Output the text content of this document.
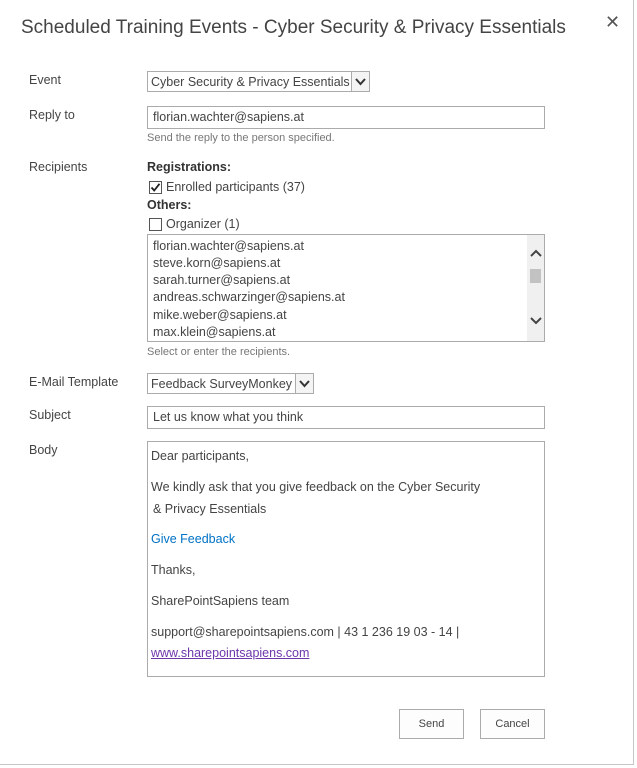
Scheduled Training Events - Cyber Security & Privacy Essentials ✕
Event	Cyber Security & Privacy Essentials
Reply to	florian.wachter@sapiens.at
Send the reply to the person specified.
Recipients	Registrations:
Enrolled participants (37)
Others:
Organizer (1)
florian.wachter@sapiens.at
steve.korn@sapiens.at
sarah.turner@sapiens.at
andreas.schwarzinger@sapiens.at
mike.weber@sapiens.at
max.klein@sapiens.at
Select or enter the recipients.
E-Mail Template	Feedback SurveyMonkey
Subject	Let us know what you think
Body	Dear participants,
We kindly ask that you give feedback on the Cyber Security
& Privacy Essentials
Give Feedback
Thanks,
SharePointSapiens team
support@sharepointsapiens.com | 43 1 236 19 03 - 14 |
www.sharepointsapiens.com
Send	Cancel
